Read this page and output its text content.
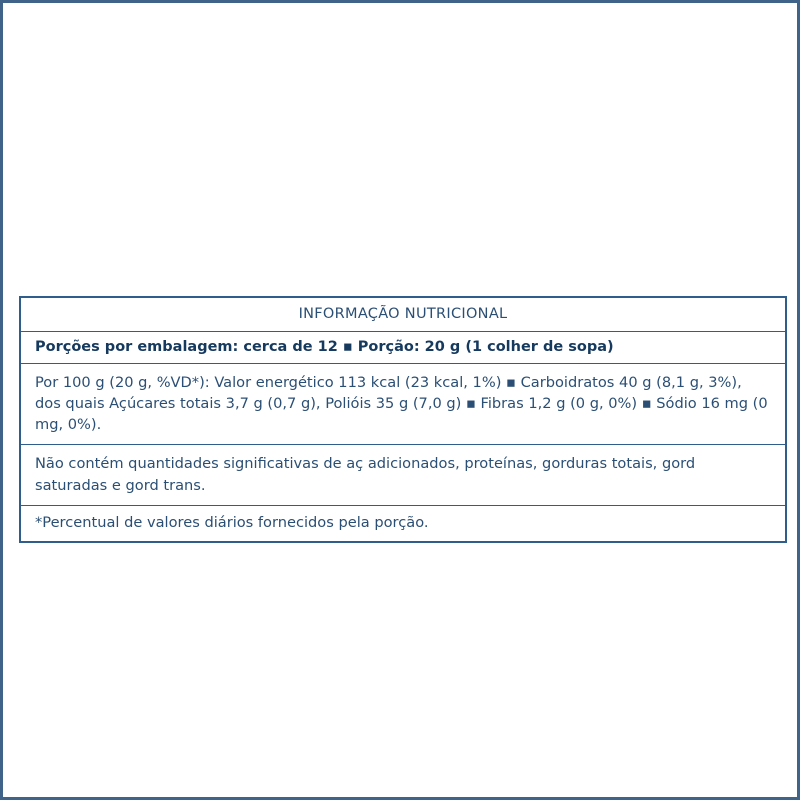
INFORMAÇÃO NUTRICIONAL
Porções por embalagem: cerca de 12 ▪ Porção: 20 g (1 colher de sopa)
Por 100 g (20 g, %VD*): Valor energético 113 kcal (23 kcal, 1%) ▪ Carboidratos 40 g (8,1 g, 3%), dos quais Açúcares totais 3,7 g (0,7 g), Polióis 35 g (7,0 g) ▪ Fibras 1,2 g (0 g, 0%) ▪ Sódio 16 mg (0 mg, 0%).
Não contém quantidades significativas de aç adicionados, proteínas, gorduras totais, gord saturadas e gord trans.
*Percentual de valores diários fornecidos pela porção.
